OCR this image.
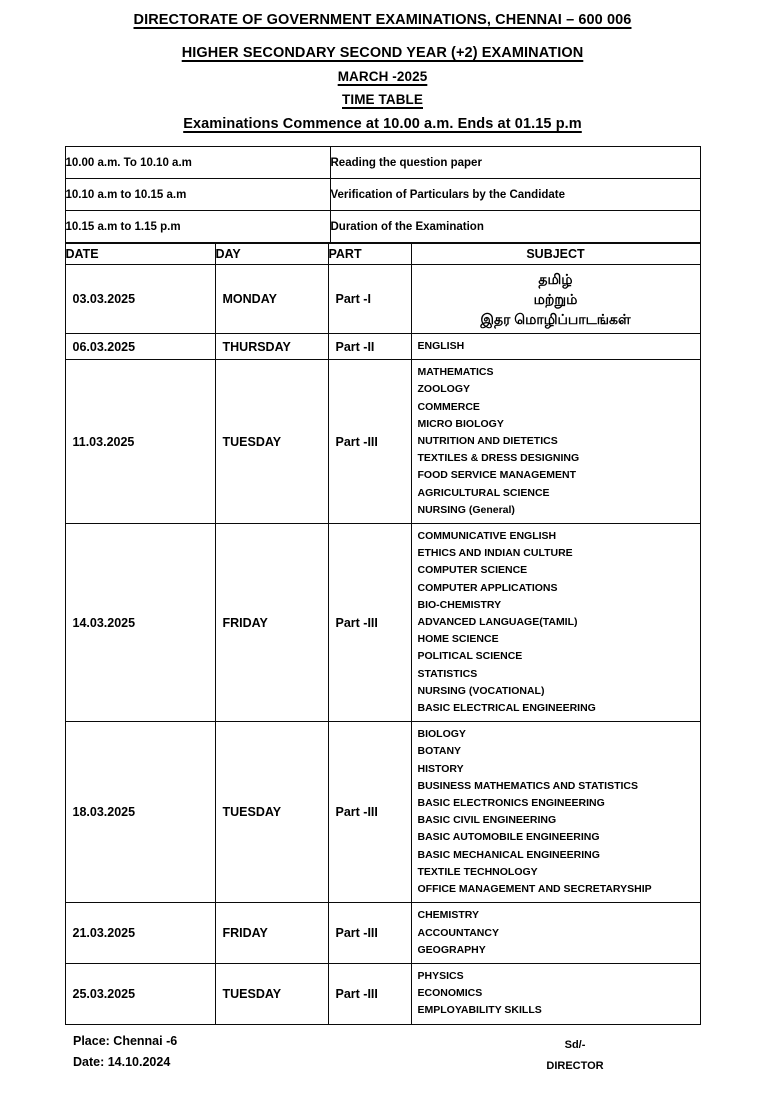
DIRECTORATE OF GOVERNMENT EXAMINATIONS, CHENNAI – 600 006
HIGHER SECONDARY SECOND YEAR (+2) EXAMINATION
MARCH -2025
TIME TABLE
Examinations Commence at 10.00 a.m. Ends at 01.15 p.m
10.00 a.m. To 10.10 a.m	Reading the question paper
10.10 a.m to 10.15 a.m	Verification of Particulars by the Candidate
10.15 a.m to 1.15 p.m	Duration of the Examination
DATE	DAY	PART	SUBJECT
03.03.2025	MONDAY	Part -I	தமிழ்
மற்றும்
இதர மொழிப்பாடங்கள்

06.03.2025	THURSDAY	Part -II	ENGLISH

11.03.2025	TUESDAY	Part -III	
MATHEMATICS
ZOOLOGY
COMMERCE
MICRO BIOLOGY
NUTRITION AND DIETETICS
TEXTILES & DRESS DESIGNING
FOOD SERVICE MANAGEMENT
AGRICULTURAL SCIENCE
NURSING (General)

14.03.2025	FRIDAY	Part -III	
COMMUNICATIVE ENGLISH
ETHICS AND INDIAN CULTURE
COMPUTER SCIENCE
COMPUTER APPLICATIONS
BIO-CHEMISTRY
ADVANCED LANGUAGE(TAMIL)
HOME SCIENCE
POLITICAL SCIENCE
STATISTICS
NURSING (VOCATIONAL)
BASIC ELECTRICAL ENGINEERING

18.03.2025	TUESDAY	Part -III	
BIOLOGY
BOTANY
HISTORY
BUSINESS MATHEMATICS AND STATISTICS
BASIC ELECTRONICS ENGINEERING
BASIC CIVIL ENGINEERING
BASIC AUTOMOBILE ENGINEERING
BASIC MECHANICAL ENGINEERING
TEXTILE TECHNOLOGY
OFFICE MANAGEMENT AND SECRETARYSHIP

21.03.2025	FRIDAY	Part -III	CHEMISTRY
ACCOUNTANCY
GEOGRAPHY

25.03.2025	TUESDAY	Part -III	PHYSICS
ECONOMICS
EMPLOYABILITY SKILLS
Place: Chennai -6
Date: 14.10.2024
Sd/-
DIRECTOR
